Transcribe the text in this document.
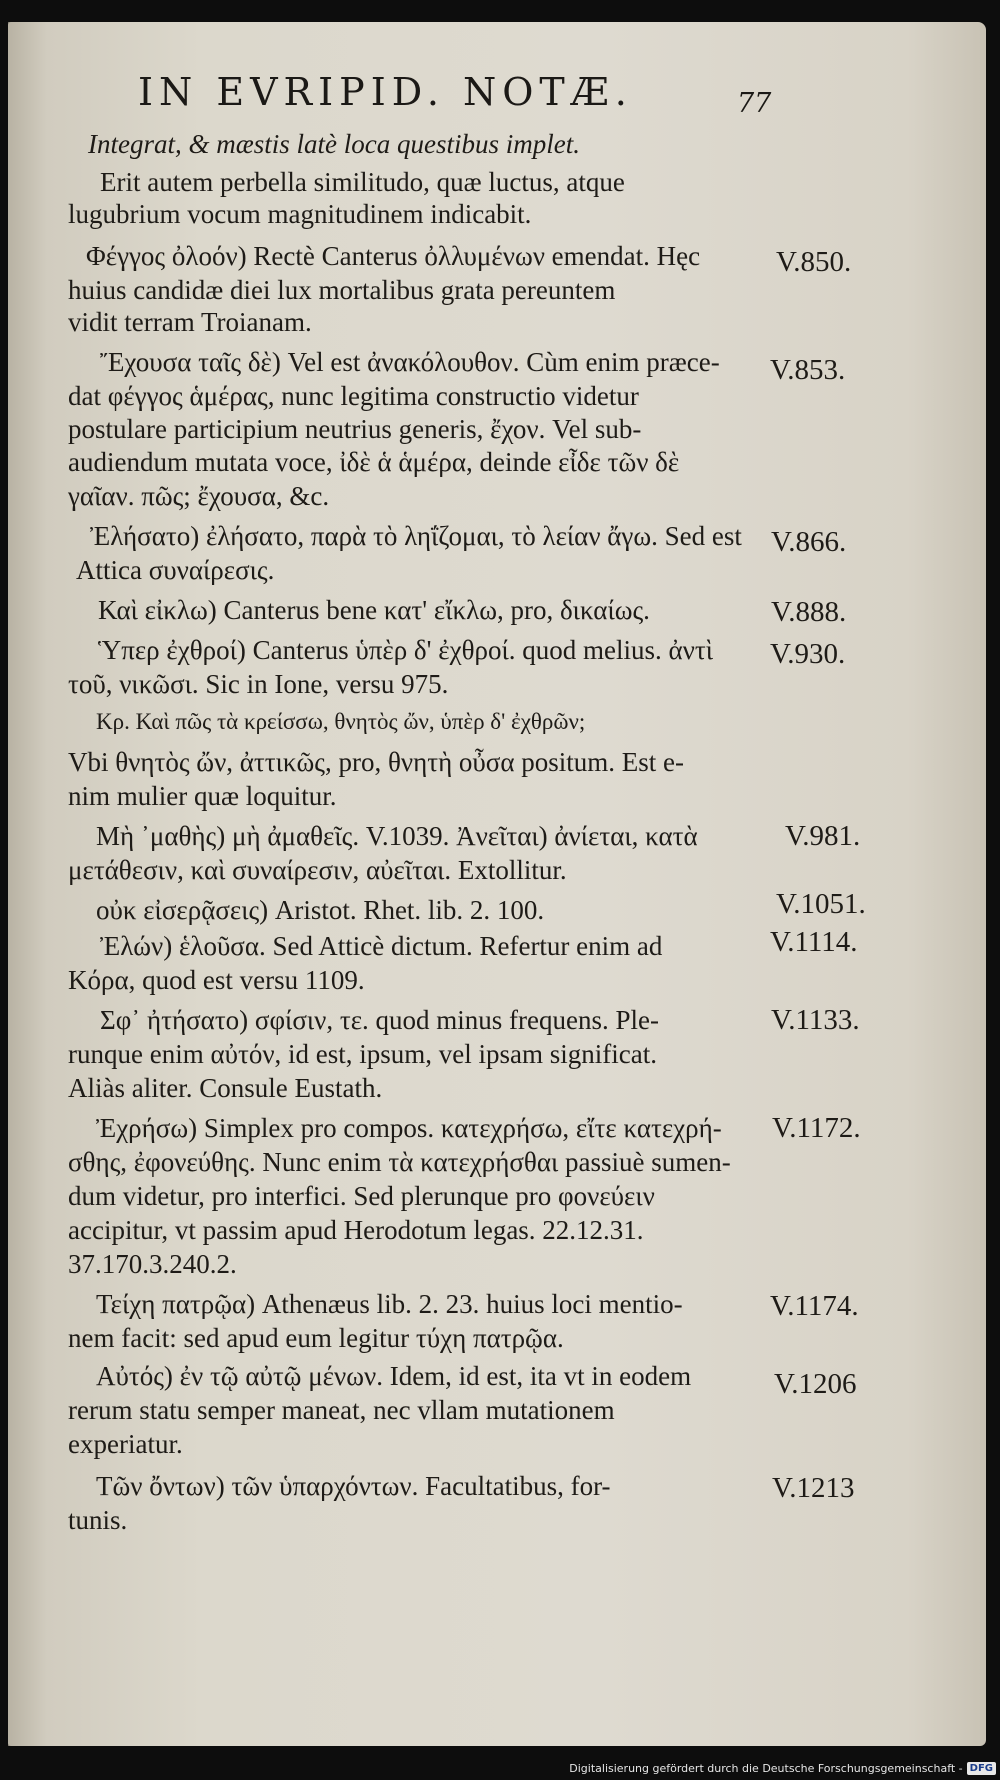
IN EVRIPID. NOTÆ.	77
Integrat, & mæstis latè loca questibus implet.
Erit autem perbella similitudo, quæ luctus, atque
lugubrium vocum magnitudinem indicabit.
Φέγγος ὀλοόν) Rectè Canterus ὀλλυμένων emendat. Hęc
huius candidæ diei lux mortalibus grata pereuntem
vidit terram Troianam.
Ἔχουσα ταῖς δὲ) Vel est ἀνακόλουθον. Cùm enim præce-
dat φέγγος ἁμέρας, nunc legitima constructio videtur
postulare participium neutrius generis, ἔχον. Vel sub-
audiendum mutata voce, ἰδὲ ἁ ἁμέρα, deinde εἶδε τῶν δὲ
γαῖαν. πῶς; ἔχουσα, &c.
Ἐλήσατο) ἐλήσατο, παρὰ τὸ ληΐζομαι, τὸ λείαν ἄγω. Sed est
Attica συναίρεσις.
Καὶ εἰκλω) Canterus bene κατ' εἴκλω, pro, δικαίως.
Ὑπερ ἐχθροί) Canterus ὑπὲρ δ' ἐχθροί. quod melius. ἀντὶ
τοῦ, νικῶσι. Sic in Ione, versu 975.
Κρ. Καὶ πῶς τὰ κρείσσω, θνητὸς ὤν, ὑπὲρ δ' ἐχθρῶν;
Vbi θνητὸς ὤν, ἀττικῶς, pro, θνητὴ οὖσα positum. Est e-
nim mulier quæ loquitur.
Μὴ ᾽μαθὴς) μὴ ἀμαθεῖς. V.1039. Ἀνεῖται) ἀνίεται, κατὰ
μετάθεσιν, καὶ συναίρεσιν, αὐεῖται. Extollitur.
οὐκ εἰσερᾷσεις) Aristot. Rhet. lib. 2. 100.
Ἐλών) ἑλοῦσα. Sed Atticè dictum. Refertur enim ad
Κόρα, quod est versu 1109.
Σφ᾽ ἠτήσατο) σφίσιν, τε. quod minus frequens. Ple-
runque enim αὐτόν, id est, ipsum, vel ipsam significat.
Aliàs aliter. Consule Eustath.
Ἐχρήσω) Simplex pro compos. κατεχρήσω, εἴτε κατεχρή-
σθης, ἐφονεύθης. Nunc enim τὰ κατεχρήσθαι passiuè sumen-
dum videtur, pro interfici. Sed plerunque pro φονεύειν
accipitur, vt passim apud Herodotum legas. 22.12.31.
37.170.3.240.2.
Τείχη πατρῷα) Athenæus lib. 2. 23. huius loci mentio-
nem facit: sed apud eum legitur τύχη πατρῷα.
Αὐτός) ἐν τῷ αὐτῷ μένων. Idem, id est, ita vt in eodem
rerum statu semper maneat, nec vllam mutationem
experiatur.
Τῶν ὄντων) τῶν ὑπαρχόντων. Facultatibus, for-
tunis.
V.850.
V.853.
V.866.
V.888.
V.930.
V.981.
V.1051.
V.1114.
V.1133.
V.1172.
V.1174.
V.1206
V.1213
Digitalisierung gefördert durch die Deutsche Forschungsgemeinschaft - DFG
